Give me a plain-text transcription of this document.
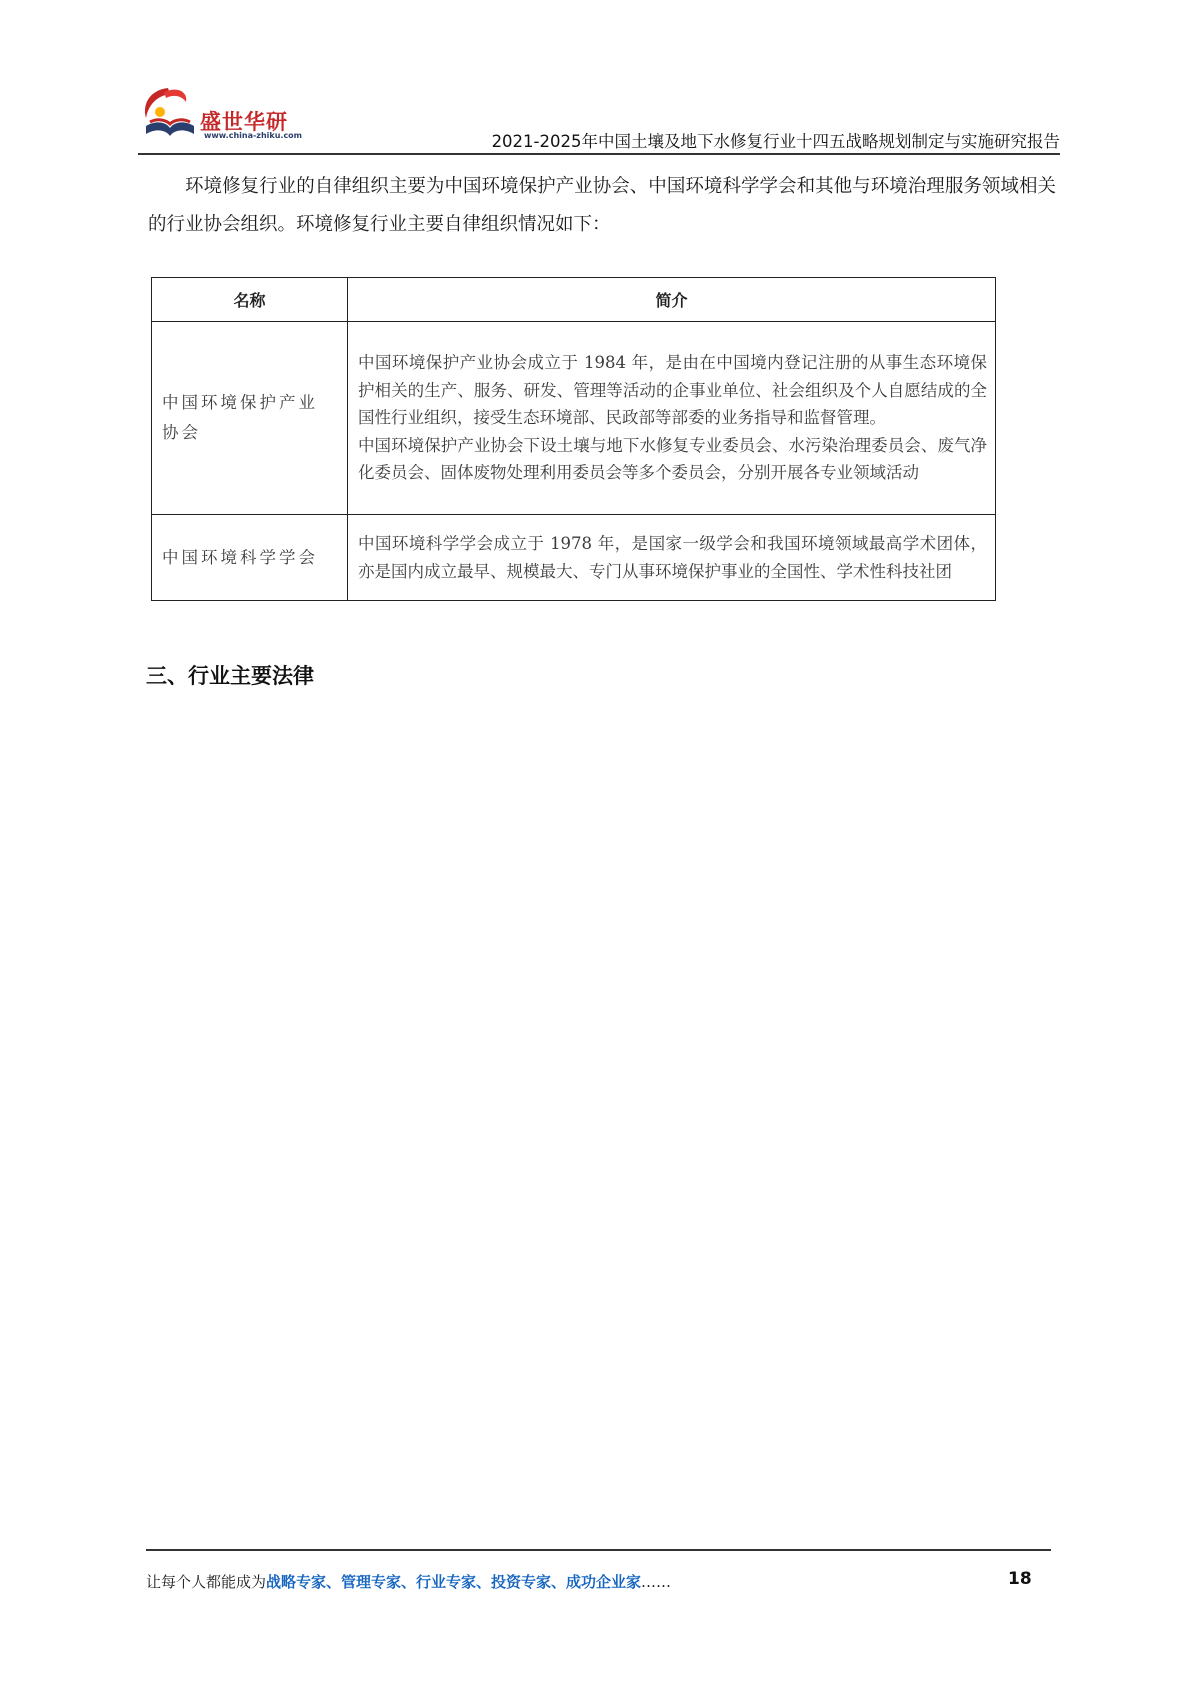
盛世华研
www.china-zhiku.com	2021-2025年中国土壤及地下水修复行业十四五战略规划制定与实施研究报告

环境修复行业的自律组织主要为中国环境保护产业协会、中国环境科学学会和其他与环境治理服务领域相关的行业协会组织。环境修复行业主要自律组织情况如下：

名称	简介
中国环境保护产业协会	中国环境保护产业协会成立于 1984 年，是由在中国境内登记注册的从事生态环境保护相关的生产、服务、研发、管理等活动的企事业单位、社会组织及个人自愿结成的全国性行业组织，接受生态环境部、民政部等部委的业务指导和监督管理。
中国环境保护产业协会下设土壤与地下水修复专业委员会、水污染治理委员会、废气净化委员会、固体废物处理利用委员会等多个委员会，分别开展各专业领域活动

中国环境科学学会	中国环境科学学会成立于 1978 年，是国家一级学会和我国环境领域最高学术团体，亦是国内成立最早、规模最大、专门从事环境保护事业的全国性、学术性科技社团
三、行业主要法律
让每个人都能成为战略专家、管理专家、行业专家、投资专家、成功企业家……	18
